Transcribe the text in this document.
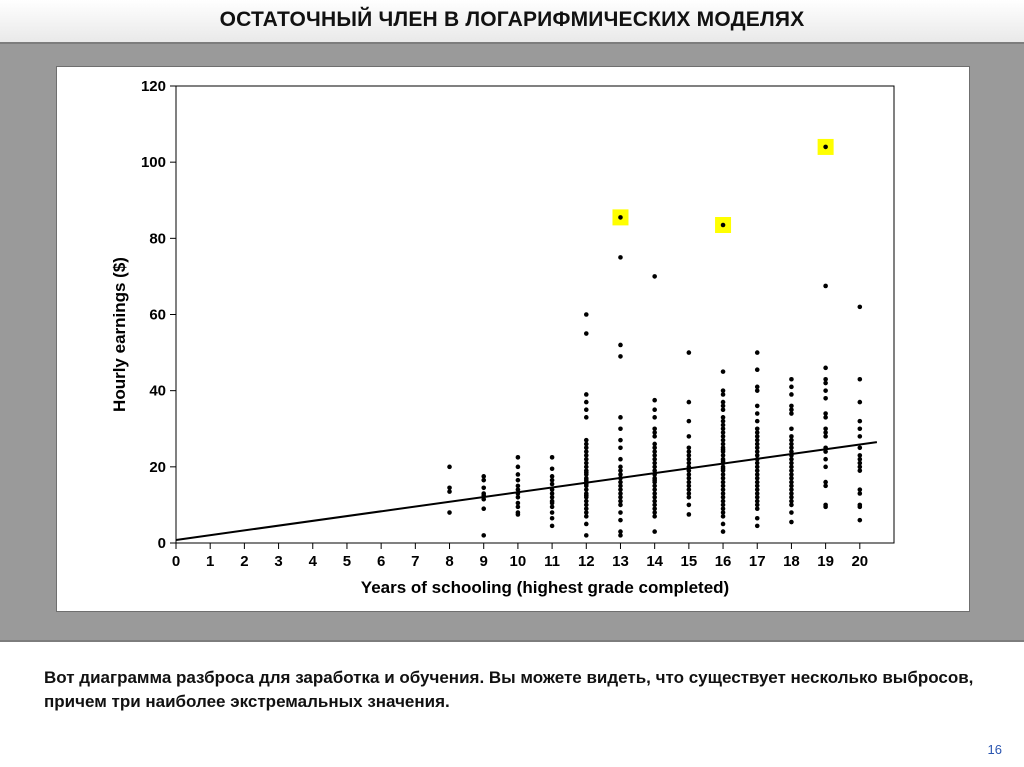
ОСТАТОЧНЫЙ ЧЛЕН В ЛОГАРИФМИЧЕСКИХ МОДЕЛЯХ
0
20
40
60
80
100
120
0 1 2 3 4 5 6 7 8 9 10 11 12 13 14 15 16 17 18 19 20
Years of schooling (highest grade completed)
Hourly earnings ($)
Вот диаграмма разброса для заработка и обучения. Вы можете видеть, что существует несколько выбросов, причем три наиболее экстремальных значения.
16
